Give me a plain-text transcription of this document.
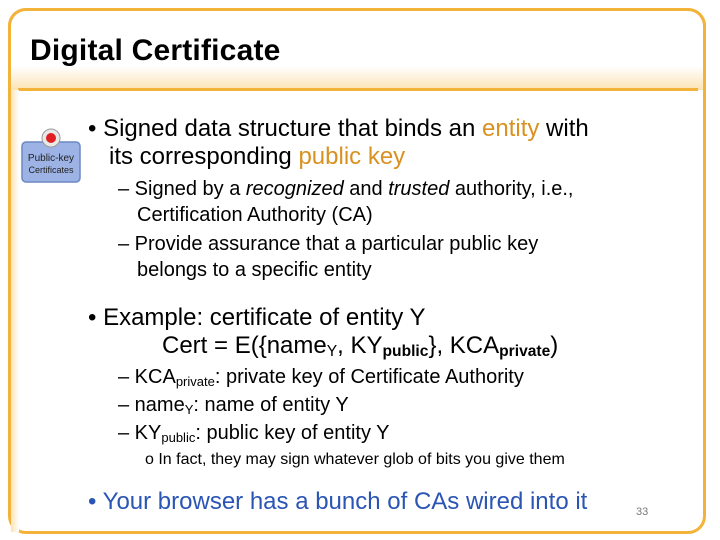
Digital Certificate
Public-key
Certificates
• Signed data structure that binds an entity with
its corresponding public key
– Signed by a recognized and trusted authority, i.e.,
Certification Authority (CA)
– Provide assurance that a particular public key
belongs to a specific entity
• Example: certificate of entity Y
Cert = E({name$_Y$, $KY_{public}$}, $KCA_{private}$)
– $KCA_{private}$: private key of Certificate Authority
– name$_Y$: name of entity Y
– $KY_{public}$: public key of entity Y
o In fact, they may sign whatever glob of bits you give them
• Your browser has a bunch of CAs wired into it	33
